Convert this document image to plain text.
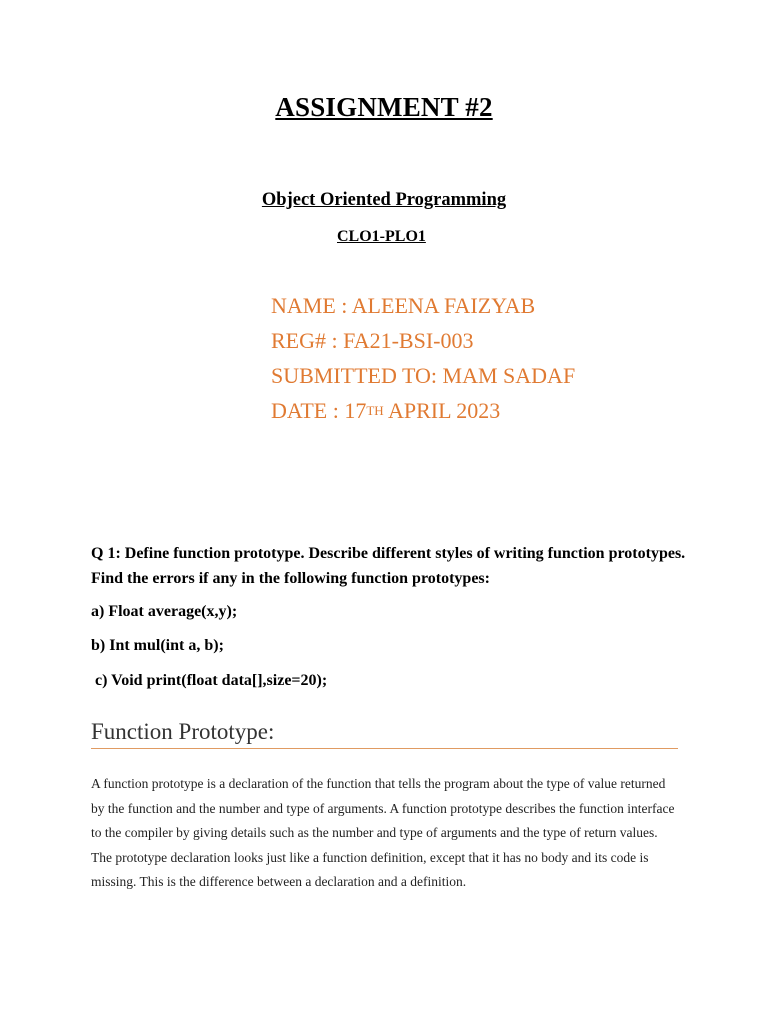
ASSIGNMENT #2
Object Oriented Programming
CLO1-PLO1
NAME : ALEENA FAIZYAB
REG# : FA21-BSI-003
SUBMITTED TO: MAM SADAF
DATE : 17TH APRIL 2023
Q 1: Define function prototype. Describe different styles of writing function prototypes. Find the errors if any in the following function prototypes:
a) Float average(x,y);
b) Int mul(int a, b);
c) Void print(float data[],size=20);
Function Prototype:
A function prototype is a declaration of the function that tells the program about the type of value returned by the function and the number and type of arguments. A function prototype describes the function interface to the compiler by giving details such as the number and type of arguments and the type of return values. The prototype declaration looks just like a function definition, except that it has no body and its code is missing. This is the difference between a declaration and a definition.
